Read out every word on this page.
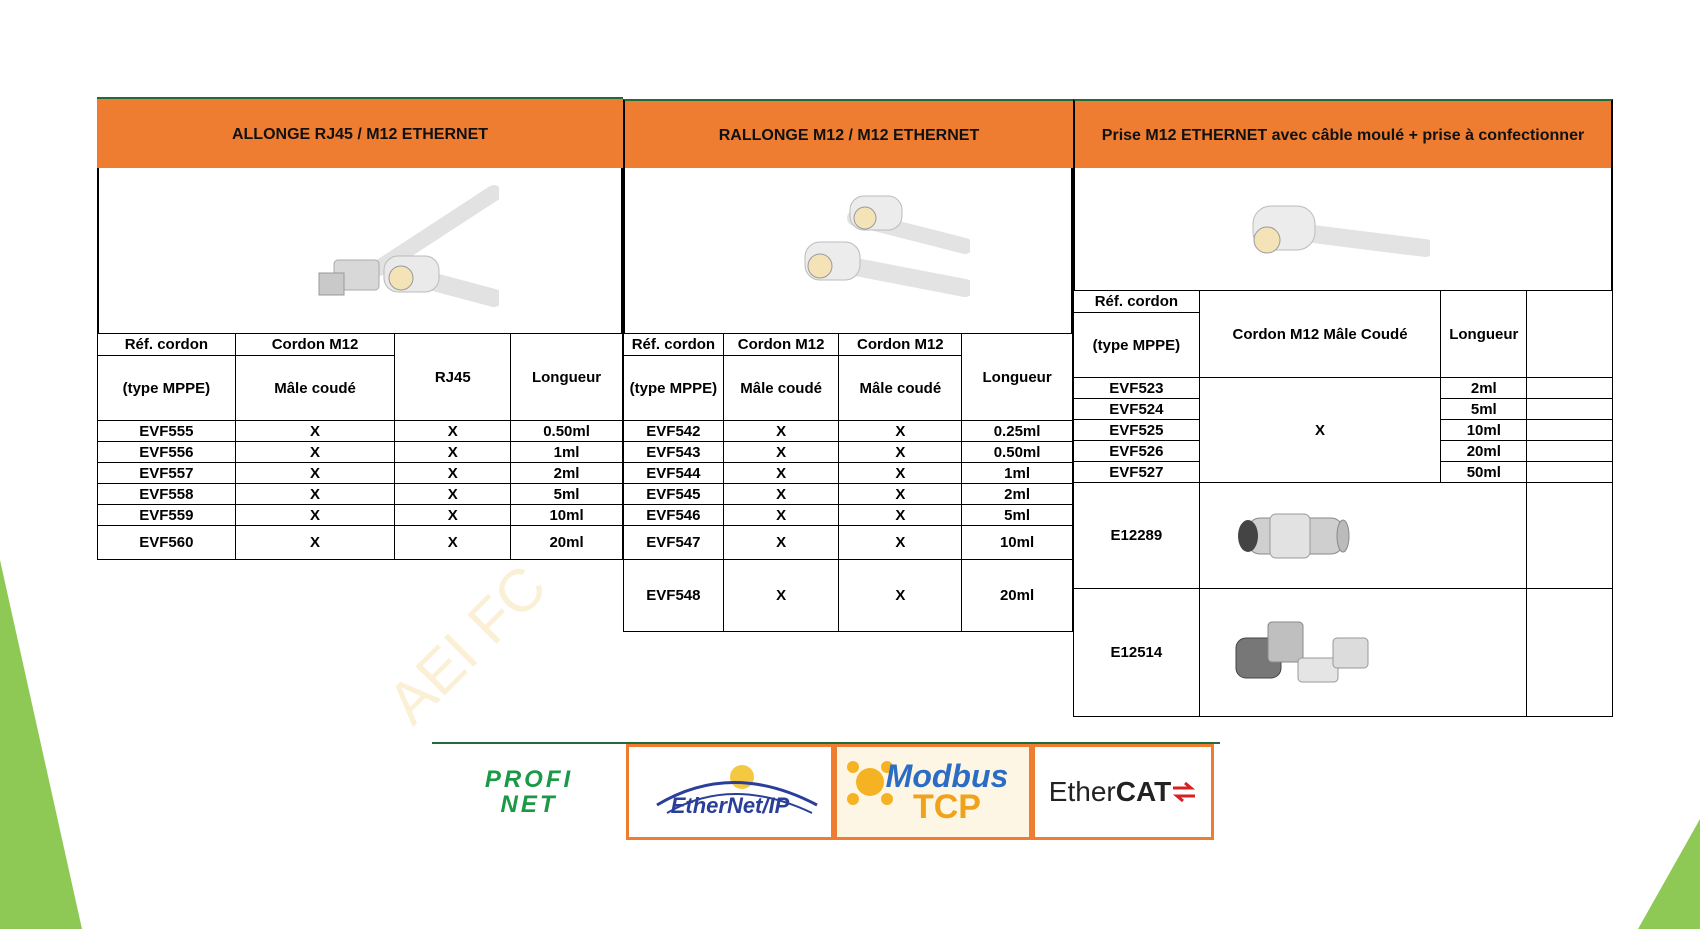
AEI FC
ALLONGE RJ45 / M12 ETHERNET
Réf. cordon	Cordon M12	RJ45	Longueur
(type MPPE)	Mâle coudé		
EVF555	X	X	0.50ml
EVF556	X	X	1ml
EVF557	X	X	2ml
EVF558	X	X	5ml
EVF559	X	X	10ml
EVF560	X	X	20ml
RALLONGE M12 / M12 ETHERNET
Réf. cordon	Cordon M12	Cordon M12	Longueur
(type MPPE)	Mâle coudé	Mâle coudé	
EVF542	X	X	0.25ml
EVF543	X	X	0.50ml
EVF544	X	X	1ml
EVF545	X	X	2ml
EVF546	X	X	5ml
EVF547	X	X	10ml
EVF548	X	X	20ml
Prise M12 ETHERNET avec câble moulé + prise à confectionner
Réf. cordon	Cordon M12 Mâle Coudé	Longueur	
(type MPPE)			
EVF523	X	2ml	
EVF524		5ml	
EVF525		10ml	
EVF526		20ml	
EVF527		50ml	
E12289	

E12514	

PROFI
NET	EtherNet/IP
Modbus
TCP	Ether CAT
